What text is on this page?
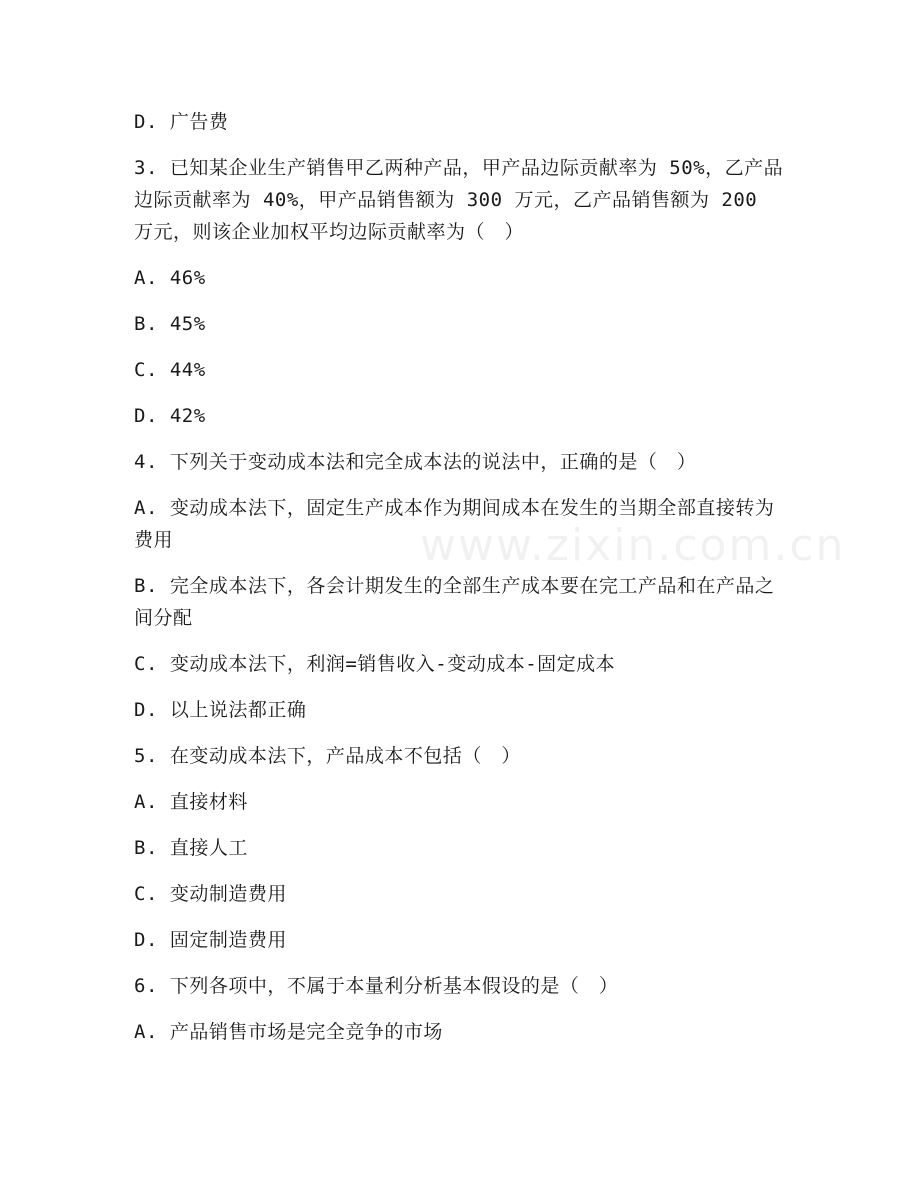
www.zixin.com.cn

D. 广告费

3. 已知某企业生产销售甲乙两种产品，甲产品边际贡献率为 50%，乙产品边际贡献率为 40%，甲产品销售额为 300 万元，乙产品销售额为 200 万元，则该企业加权平均边际贡献率为（　）

A. 46%

B. 45%

C. 44%

D. 42%

4. 下列关于变动成本法和完全成本法的说法中，正确的是（　）

A. 变动成本法下，固定生产成本作为期间成本在发生的当期全部直接转为费用

B. 完全成本法下，各会计期发生的全部生产成本要在完工产品和在产品之间分配

C. 变动成本法下，利润=销售收入-变动成本-固定成本

D. 以上说法都正确

5. 在变动成本法下，产品成本不包括（　）

A. 直接材料

B. 直接人工

C. 变动制造费用

D. 固定制造费用

6. 下列各项中，不属于本量利分析基本假设的是（　）

A. 产品销售市场是完全竞争的市场
